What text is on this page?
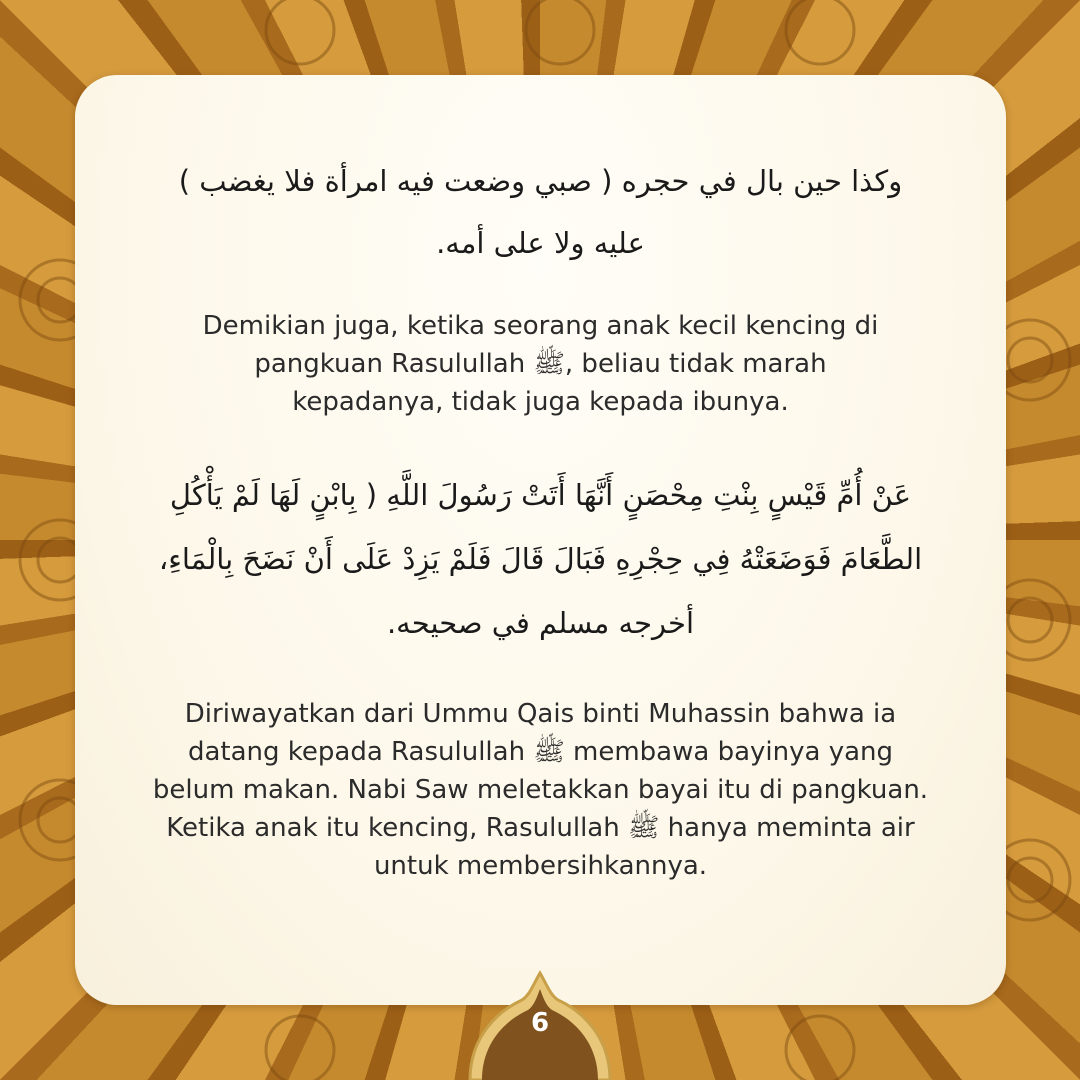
وكذا حين بال في حجره ( صبي وضعت فيه امرأة فلا يغضب ) عليه ولا على أمه.
Demikian juga, ketika seorang anak kecil kencing di pangkuan Rasulullah ﷺ, beliau tidak marah kepadanya, tidak juga kepada ibunya.
عَنْ أُمِّ قَيْسٍ بِنْتِ مِحْصَنٍ أَنَّهَا أَتَتْ رَسُولَ اللَّهِ ( بِابْنٍ لَهَا لَمْ يَأْكُلِ الطَّعَامَ فَوَضَعَتْهُ فِي حِجْرِهِ فَبَالَ قَالَ فَلَمْ يَزِدْ عَلَى أَنْ نَضَحَ بِالْمَاءِ، أخرجه مسلم في صحيحه.
Diriwayatkan dari Ummu Qais binti Muhassin bahwa ia datang kepada Rasulullah ﷺ membawa bayinya yang belum makan. Nabi Saw meletakkan bayai itu di pangkuan. Ketika anak itu kencing, Rasulullah ﷺ hanya meminta air untuk membersihkannya.
6
